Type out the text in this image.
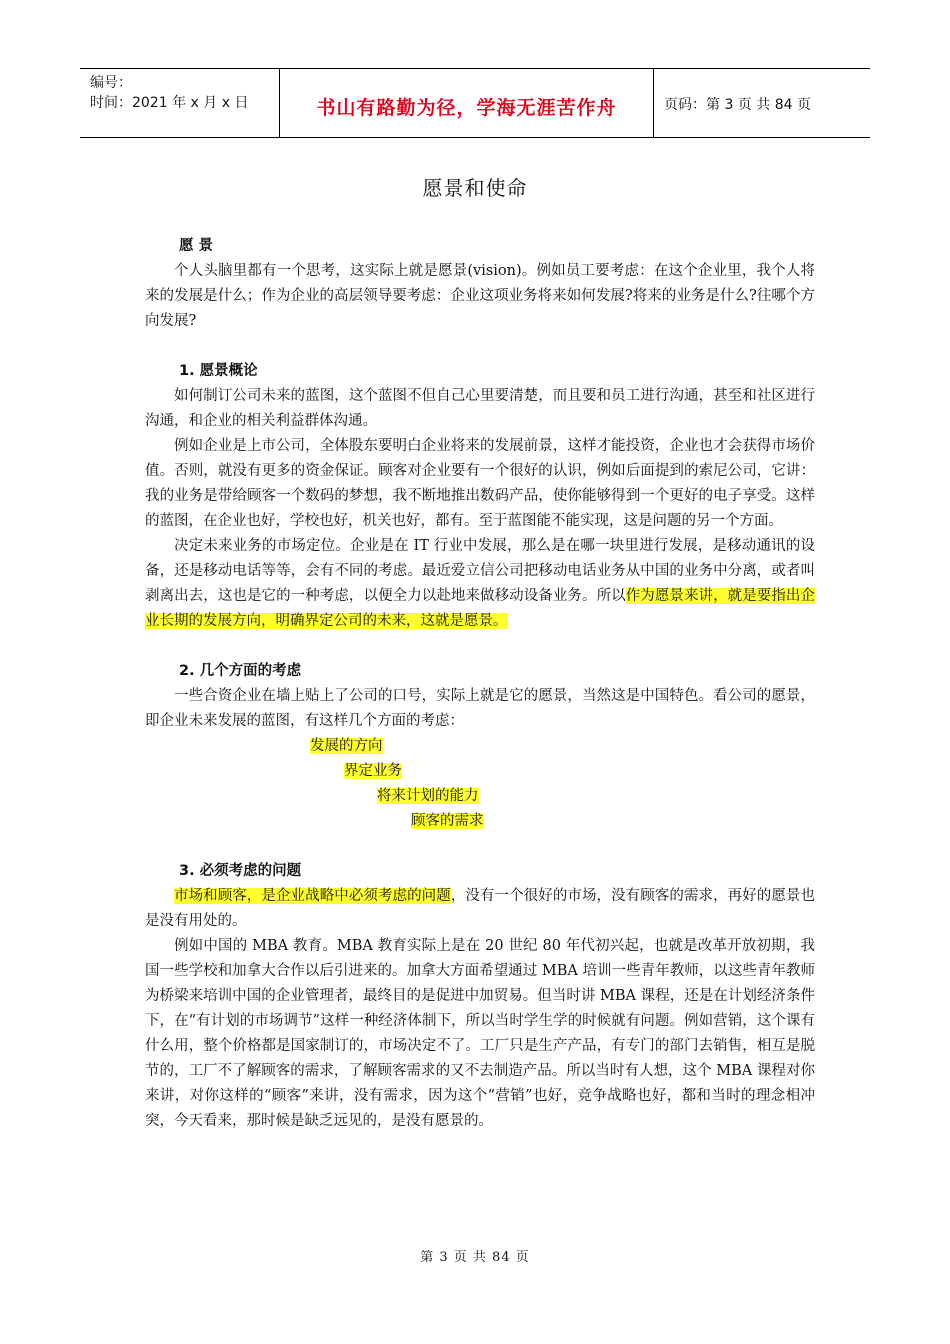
编号：
时间：2021 年 x 月 x 日	书山有路勤为径，学海无涯苦作舟	页码：第 3 页 共 84 页
愿景和使命
愿 景

个人头脑里都有一个思考，这实际上就是愿景(vision)。例如员工要考虑：在这个企业里，我个人将来的发展是什么；作为企业的高层领导要考虑：企业这项业务将来如何发展?将来的业务是什么?往哪个方向发展?

1. 愿景概论

如何制订公司未来的蓝图，这个蓝图不但自己心里要清楚，而且要和员工进行沟通，甚至和社区进行沟通，和企业的相关利益群体沟通。

例如企业是上市公司，全体股东要明白企业将来的发展前景，这样才能投资，企业也才会获得市场价值。否则，就没有更多的资金保证。顾客对企业要有一个很好的认识，例如后面提到的索尼公司，它讲：我的业务是带给顾客一个数码的梦想，我不断地推出数码产品，使你能够得到一个更好的电子享受。这样的蓝图，在企业也好，学校也好，机关也好，都有。至于蓝图能不能实现，这是问题的另一个方面。

决定未来业务的市场定位。企业是在 IT 行业中发展，那么是在哪一块里进行发展，是移动通讯的设备，还是移动电话等等，会有不同的考虑。最近爱立信公司把移动电话业务从中国的业务中分离，或者叫剥离出去，这也是它的一种考虑，以便全力以赴地来做移动设备业务。所以作为愿景来讲，就是要指出企业长期的发展方向，明确界定公司的未来，这就是愿景。

2. 几个方面的考虑

一些合资企业在墙上贴上了公司的口号，实际上就是它的愿景，当然这是中国特色。看公司的愿景，即企业未来发展的蓝图，有这样几个方面的考虑：

发展的方向
界定业务
将来计划的能力
顾客的需求
3. 必须考虑的问题

市场和顾客，是企业战略中必须考虑的问题，没有一个很好的市场，没有顾客的需求，再好的愿景也是没有用处的。

例如中国的 MBA 教育。MBA 教育实际上是在 20 世纪 80 年代初兴起，也就是改革开放初期，我国一些学校和加拿大合作以后引进来的。加拿大方面希望通过 MBA 培训一些青年教师，以这些青年教师为桥梁来培训中国的企业管理者，最终目的是促进中加贸易。但当时讲 MBA 课程，还是在计划经济条件下，在“有计划的市场调节”这样一种经济体制下，所以当时学生学的时候就有问题。例如营销，这个课有什么用，整个价格都是国家制订的，市场决定不了。工厂只是生产产品，有专门的部门去销售，相互是脱节的，工厂不了解顾客的需求，了解顾客需求的又不去制造产品。所以当时有人想，这个 MBA 课程对你来讲，对你这样的“顾客”来讲，没有需求，因为这个“营销”也好，竞争战略也好，都和当时的理念相冲突，今天看来，那时候是缺乏远见的，是没有愿景的。

第 3 页 共 84 页
